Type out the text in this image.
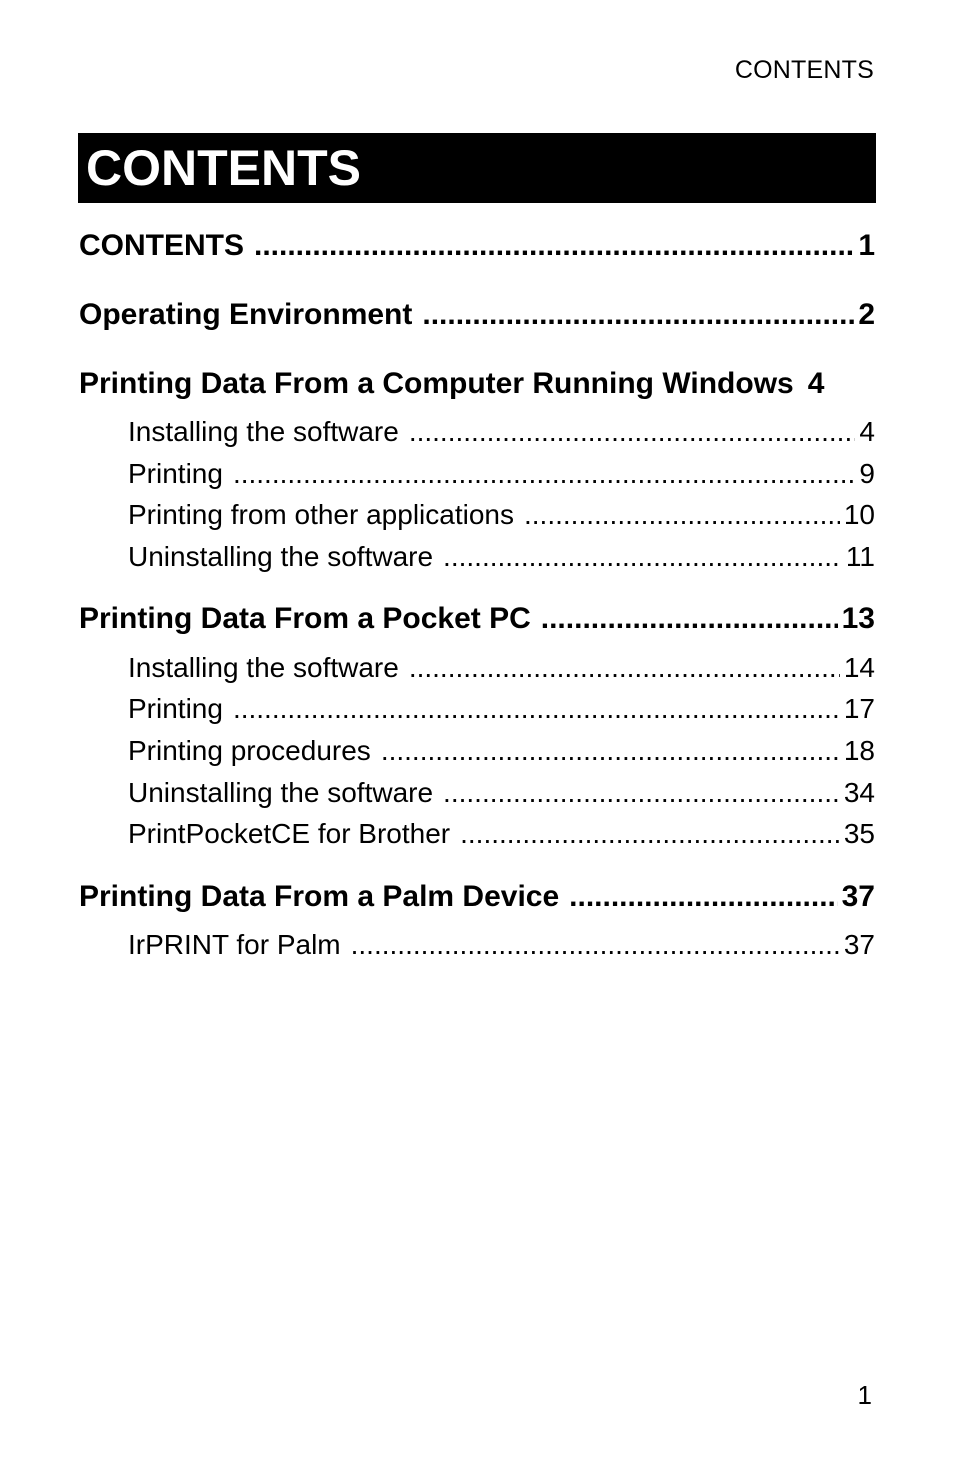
CONTENTS
CONTENTS
CONTENTS .....	1
Operating Environment .....	2
Printing Data From a Computer Running Windows 4
Installing the software .....	4
Printing .....	9
Printing from other applications .....	10
Uninstalling the software .....	11
Printing Data From a Pocket PC .....	13
Installing the software .....	14
Printing .....	17
Printing procedures .....	18
Uninstalling the software .....	34
PrintPocketCE for Brother .....	35
Printing Data From a Palm Device .....	37
IrPRINT for Palm .....	37
1
